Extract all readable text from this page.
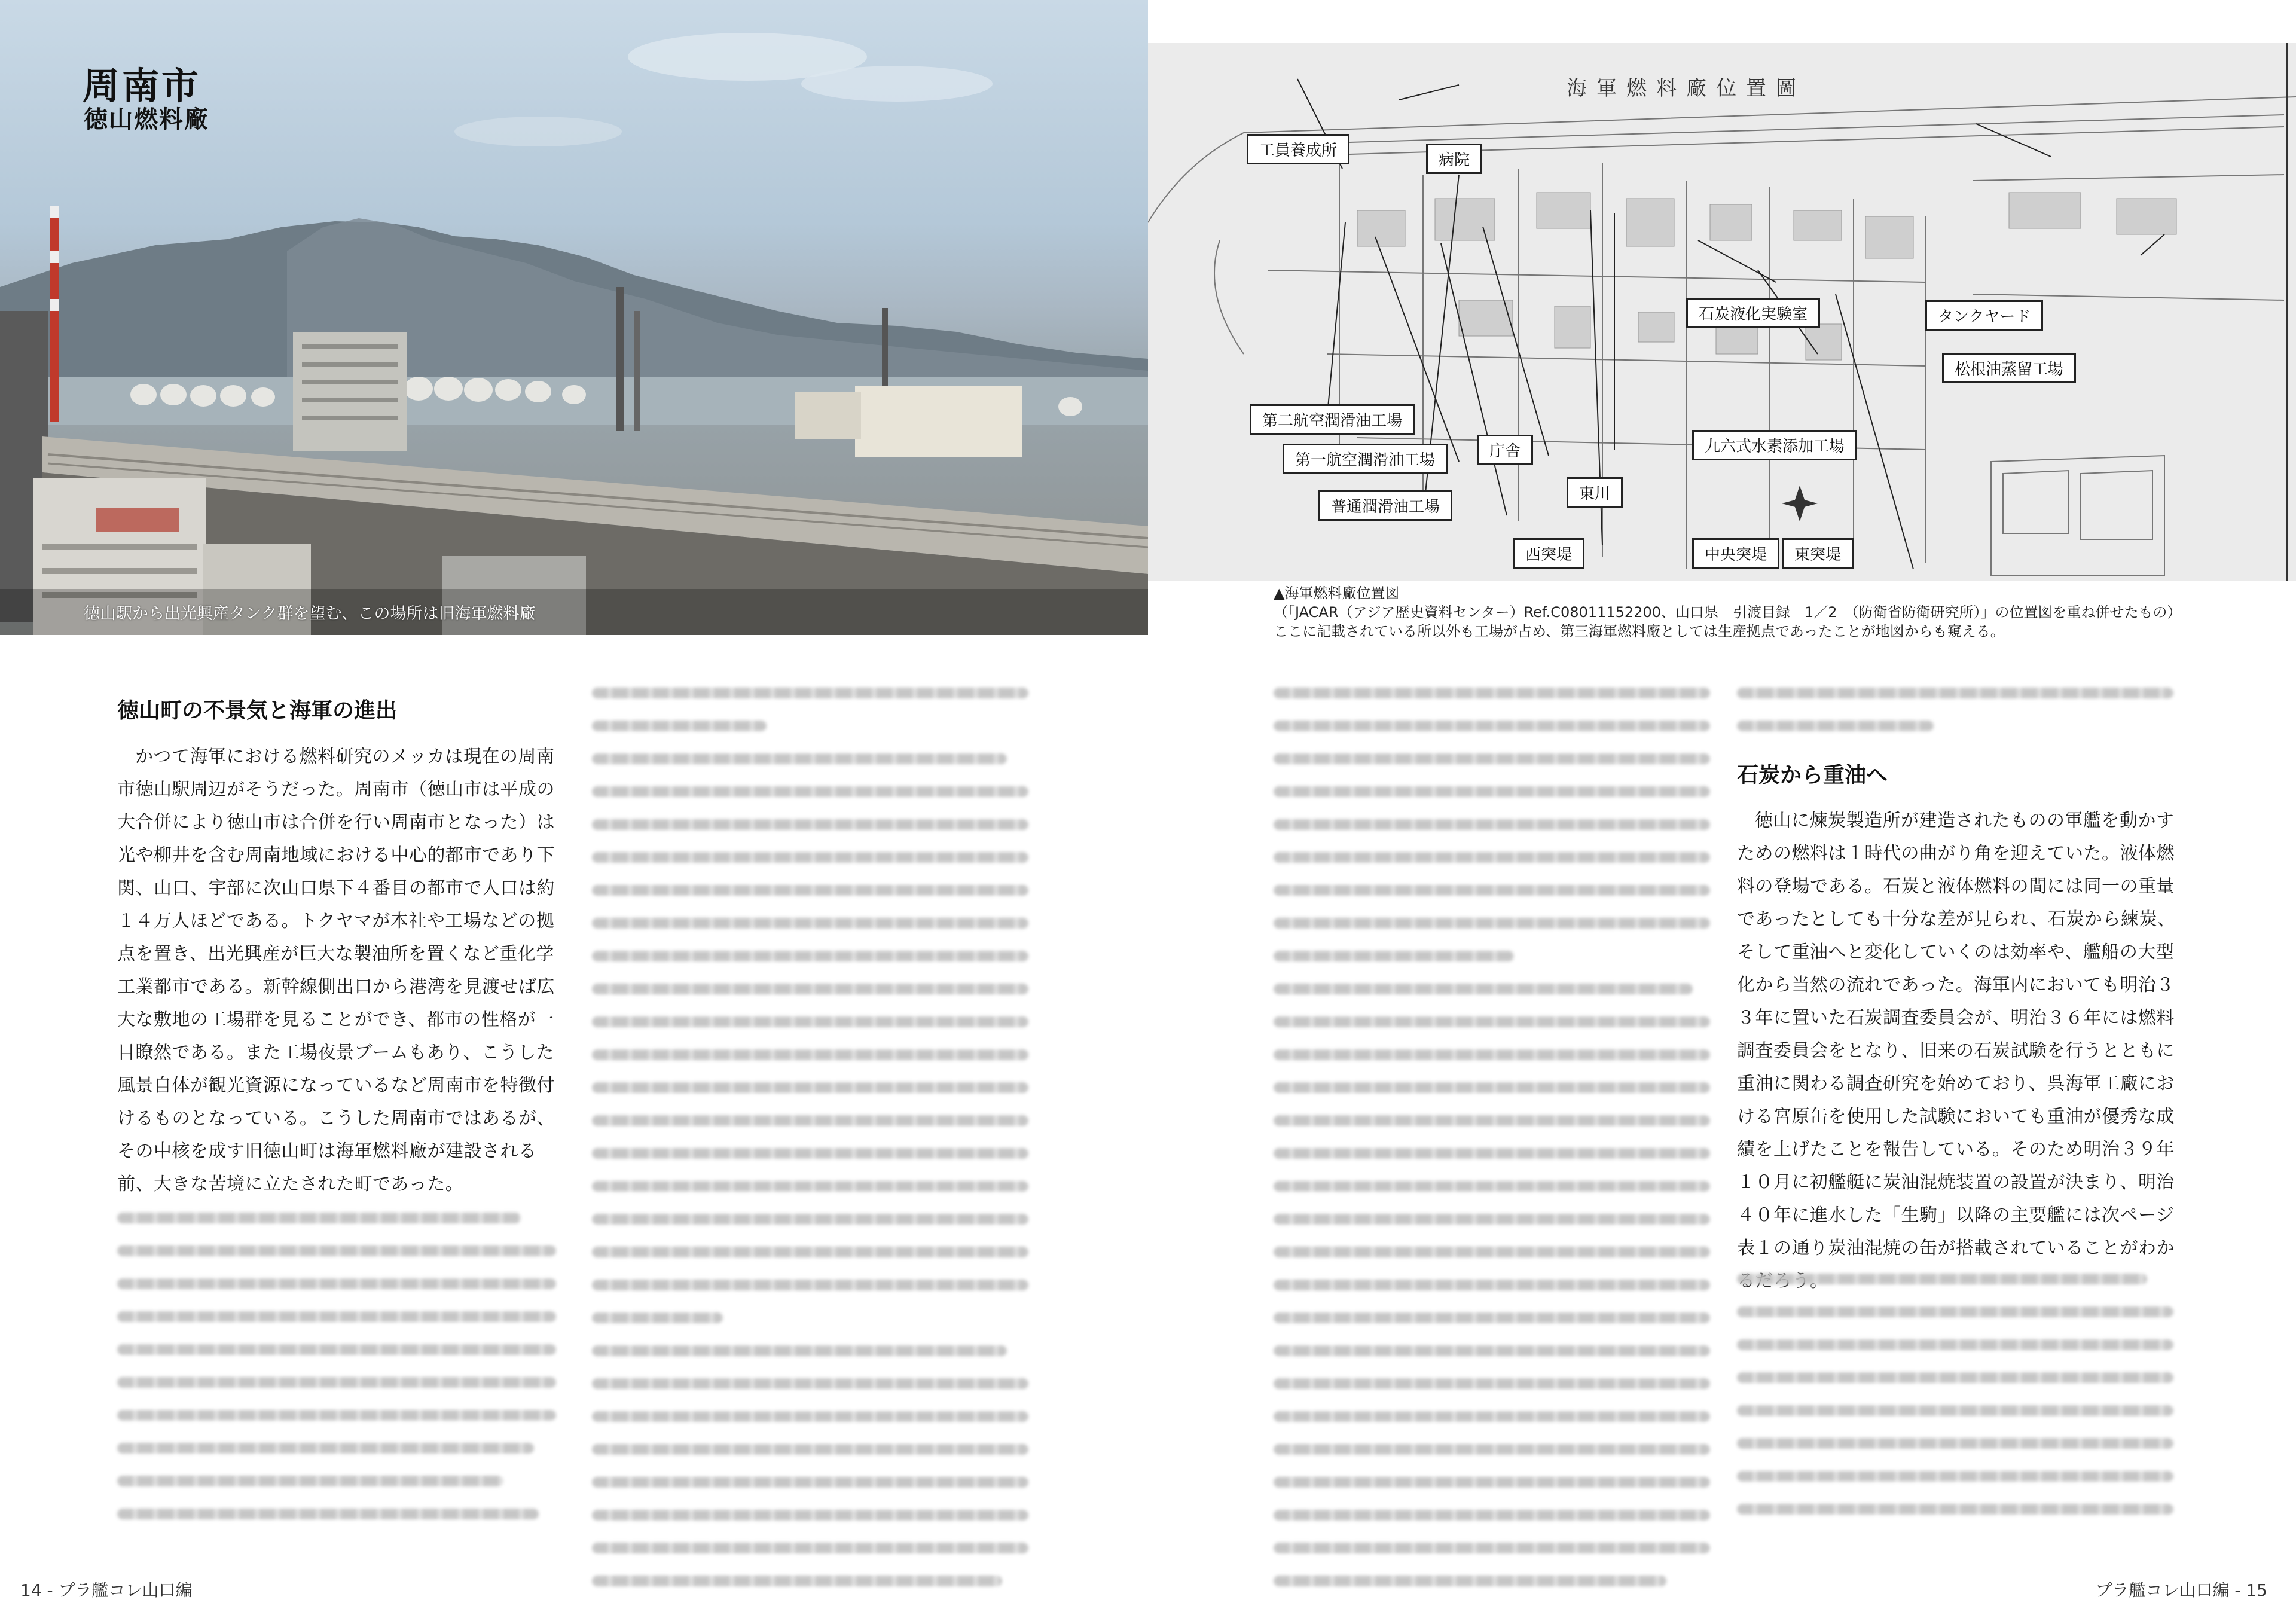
周南市
徳山燃料廠
徳山駅から出光興産タンク群を望む、この場所は旧海軍燃料廠
海軍燃料廠位置圖
工員養成所
病院
石炭液化実験室	タンクヤード
松根油蒸留工場
第二航空潤滑油工場
第一航空潤滑油工場	庁舎	九六式水素添加工場
普通潤滑油工場
東川
西突堤	中央突堤	東突堤
▲海軍燃料廠位置図
（「JACAR（アジア歴史資料センター）Ref.C08011152200、山口県　引渡目録　1／2　（防衛省防衛研究所）」の位置図を重ね併せたもの）
ここに記載されている所以外も工場が占め、第三海軍燃料廠としては生産拠点であったことが地図からも窺える。
徳山町の不景気と海軍の進出

かつて海軍における燃料研究のメッカは現在の周南市徳山駅周辺がそうだった。周南市（徳山市は平成の大合併により徳山市は合併を行い周南市となった）は光や柳井を含む周南地域における中心的都市であり下関、山口、宇部に次山口県下４番目の都市で人口は約１４万人ほどである。トクヤマが本社や工場などの拠点を置き、出光興産が巨大な製油所を置くなど重化学工業都市である。新幹線側出口から港湾を見渡せば広大な敷地の工場群を見ることができ、都市の性格が一目瞭然である。また工場夜景ブームもあり、こうした風景自体が観光資源になっているなど周南市を特徴付けるものとなっている。こうした周南市ではあるが、その中核を成す旧徳山町は海軍燃料廠が建設される前、大きな苦境に立たされた町であった。

石炭から重油へ

徳山に煉炭製造所が建造されたものの軍艦を動かすための燃料は１時代の曲がり角を迎えていた。液体燃料の登場である。石炭と液体燃料の間には同一の重量であったとしても十分な差が見られ、石炭から練炭、そして重油へと変化していくのは効率や、艦船の大型化から当然の流れであった。海軍内においても明治３３年に置いた石炭調査委員会が、明治３６年には燃料調査委員会をとなり、旧来の石炭試験を行うとともに重油に関わる調査研究を始めており、呉海軍工廠における宮原缶を使用した試験においても重油が優秀な成績を上げたことを報告している。そのため明治３９年１０月に初艦艇に炭油混焼装置の設置が決まり、明治４０年に進水した「生駒」以降の主要艦には次ページ表１の通り炭油混焼の缶が搭載されていることがわか

14 - プラ艦コレ山口編	プラ艦コレ山口編 - 15
